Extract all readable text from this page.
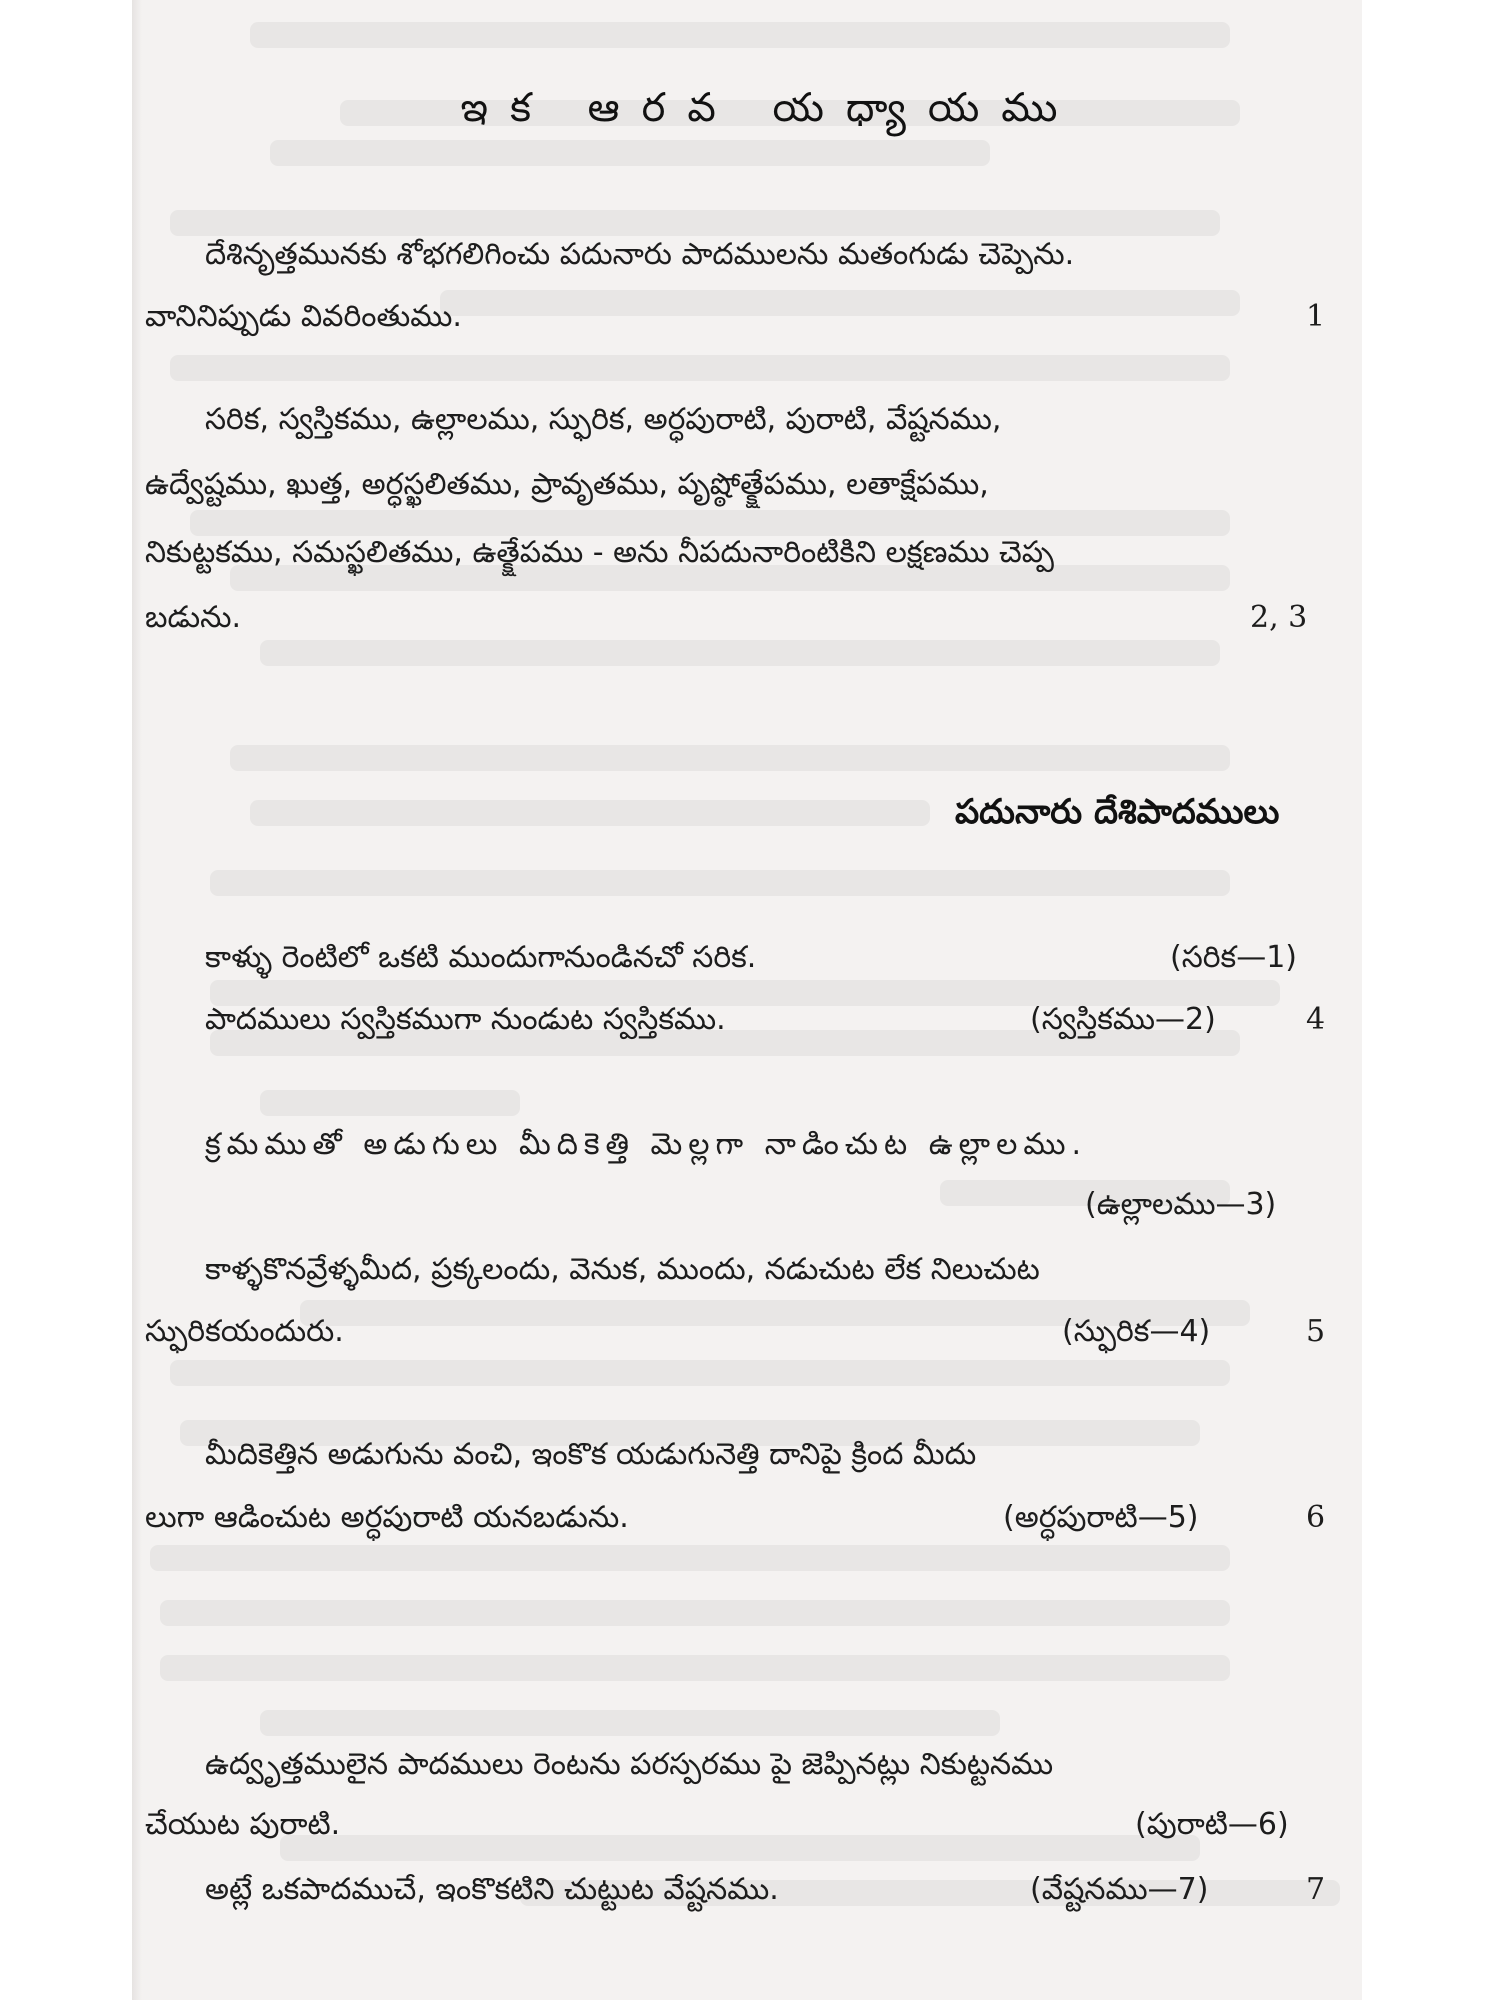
ఇక ఆరవ యధ్యాయము
దేశినృత్తమునకు శోభగలిగించు పదునారు పాదములను మతంగుడు చెప్పెను.
వానినిప్పుడు వివరింతుము.	1
సరిక, స్వస్తికము, ఉల్లాలము, స్ఫురిక, అర్ధపురాటి, పురాటి, వేష్టనము,
ఉద్వేష్టము, ఖుత్త, అర్ధస్ఖలితము, ప్రావృతము, పృష్ఠోత్క్షేపము, లతాక్షేపము,
నికుట్టకము, సమస్ఖలితము, ఉత్క్షేపము - అను నీపదునారింటికిని లక్షణము చెప్ప
బడును.	2, 3
పదునారు దేశిపాదములు
కాళ్ళు రెంటిలో ఒకటి ముందుగానుండినచో సరిక.	(సరిక—1)
పాదములు స్వస్తికముగా నుండుట స్వస్తికము.	(స్వస్తికము—2)	4
క్రమముతో అడుగులు మీదికెత్తి మెల్లగా నాడించుట ఉల్లాలము.
(ఉల్లాలము—3)
కాళ్ళకొనవ్రేళ్ళమీద, ప్రక్కలందు, వెనుక, ముందు, నడుచుట లేక నిలుచుట
స్ఫురికయందురు.	(స్ఫురిక—4)	5
మీదికెత్తిన అడుగును వంచి, ఇంకొక యడుగునెత్తి దానిపై క్రింద మీదు
లుగా ఆడించుట అర్ధపురాటి యనబడును.	(అర్ధపురాటి—5)	6
ఉద్వృత్తములైన పాదములు రెంటను పరస్పరము పై జెప్పినట్లు నికుట్టనము
చేయుట పురాటి.	(పురాటి—6)
అట్లే ఒకపాదముచే, ఇంకొకటిని చుట్టుట వేష్టనము.	(వేష్టనము—7)	7
